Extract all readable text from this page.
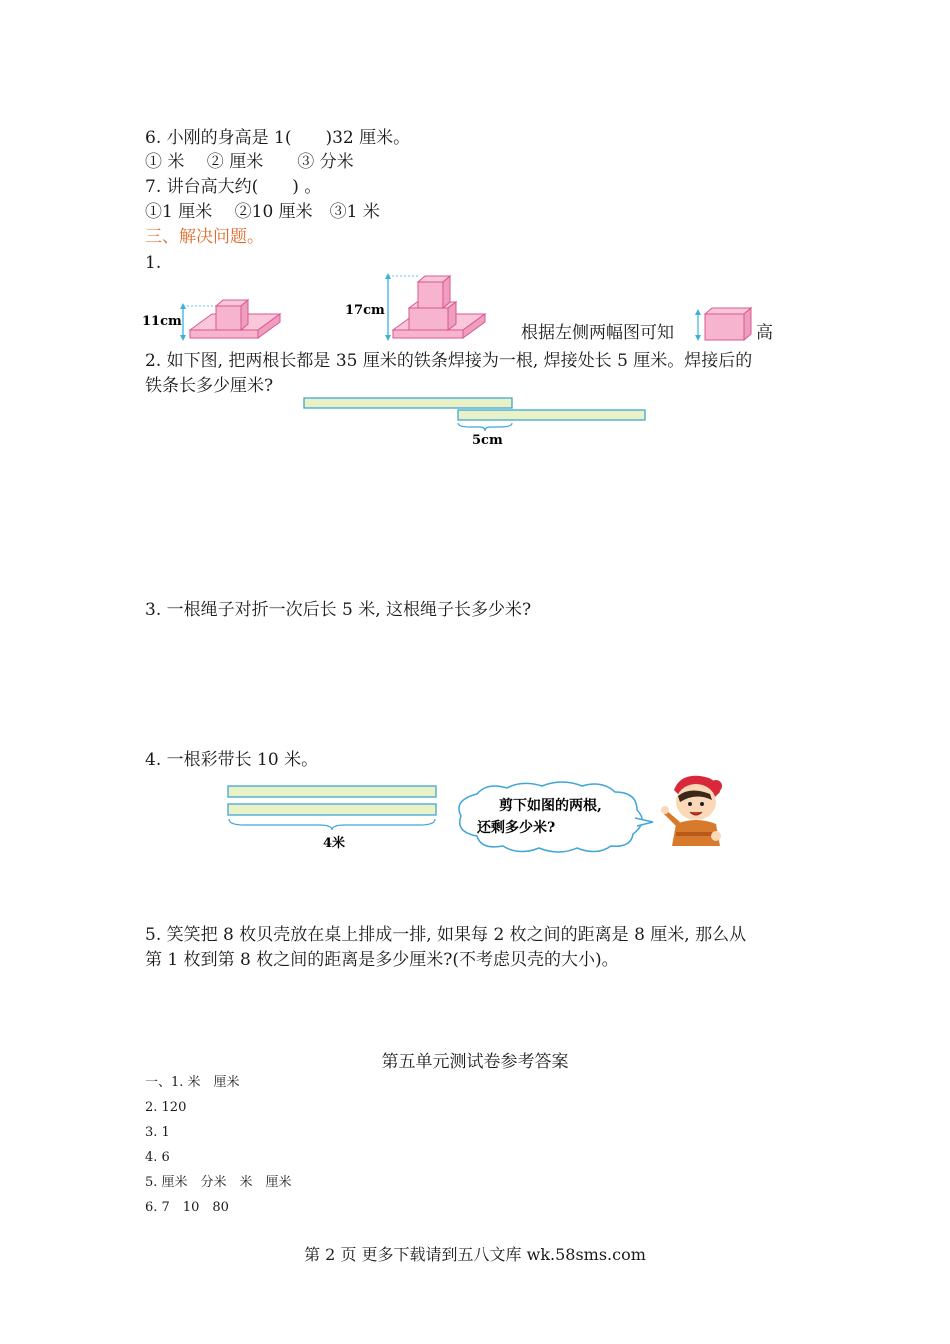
6. 小刚的身高是 1(　　)32 厘米。
① 米　 ② 厘米　　③ 分米
7. 讲台高大约(　　) 。
①1 厘米　 ②10 厘米　③1 米
三、解决问题。
1.
11cm
17cm
根据左侧两幅图可知	高
2. 如下图, 把两根长都是 35 厘米的铁条焊接为一根, 焊接处长 5 厘米。焊接后的
铁条长多少厘米?
5cm
3. 一根绳子对折一次后长 5 米, 这根绳子长多少米?
4. 一根彩带长 10 米。
4米
剪下如图的两根,
还剩多少米?
5. 笑笑把 8 枚贝壳放在桌上排成一排, 如果每 2 枚之间的距离是 8 厘米, 那么从
第 1 枚到第 8 枚之间的距离是多少厘米?(不考虑贝壳的大小)。
第五单元测试卷参考答案
一、1. 米　厘米
2. 120
3. 1
4. 6
5. 厘米　分米　米　厘米
6. 7　10　80
第 2 页 更多下载请到五八文库 wk.58sms.com
